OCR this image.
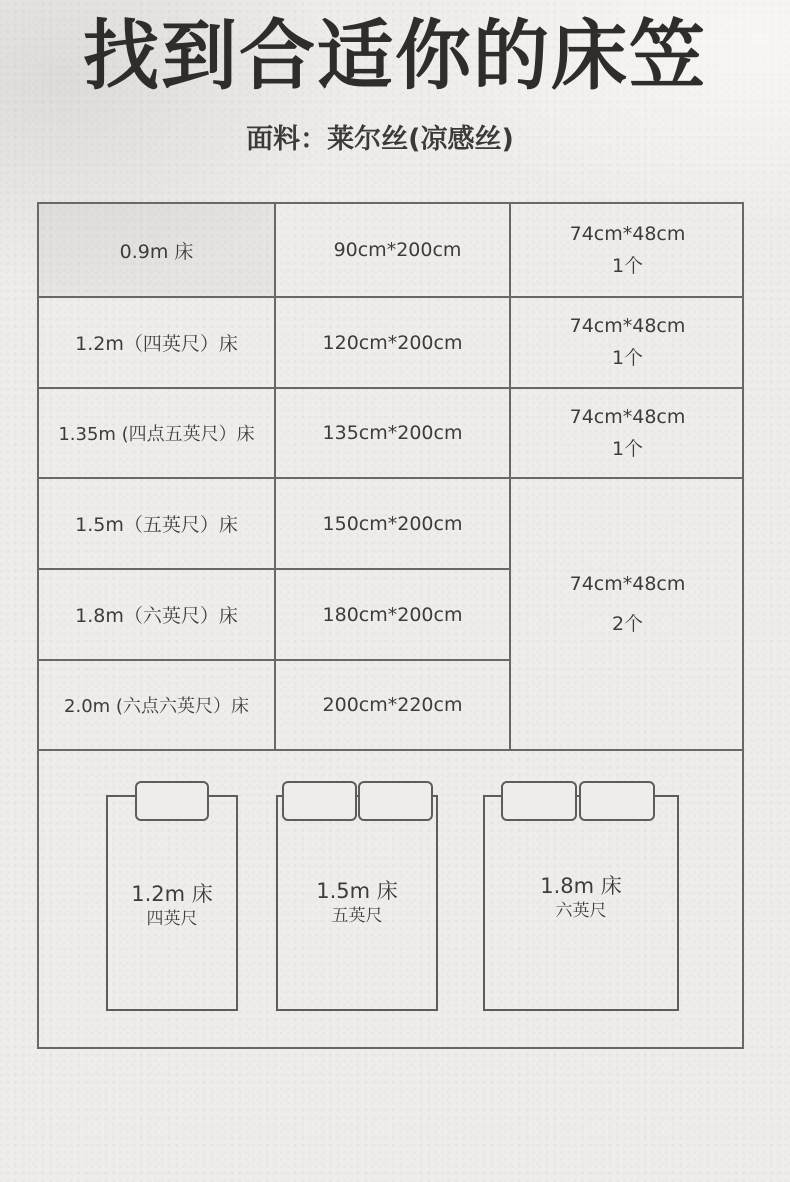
找到合适你的床笠
面料：莱尔丝(凉感丝)
0.9m 床	90cm*200cm
74cm*48cm
1个
1.2m（四英尺）床	120cm*200cm
74cm*48cm
1个
1.35m (四点五英尺）床	135cm*200cm
74cm*48cm
1个
1.5m（五英尺）床	150cm*200cm
1.8m（六英尺）床	180cm*200cm
2.0m (六点六英尺）床	200cm*220cm
74cm*48cm
2个
1.2m 床
四英尺
1.5m 床
五英尺
1.8m 床
六英尺
